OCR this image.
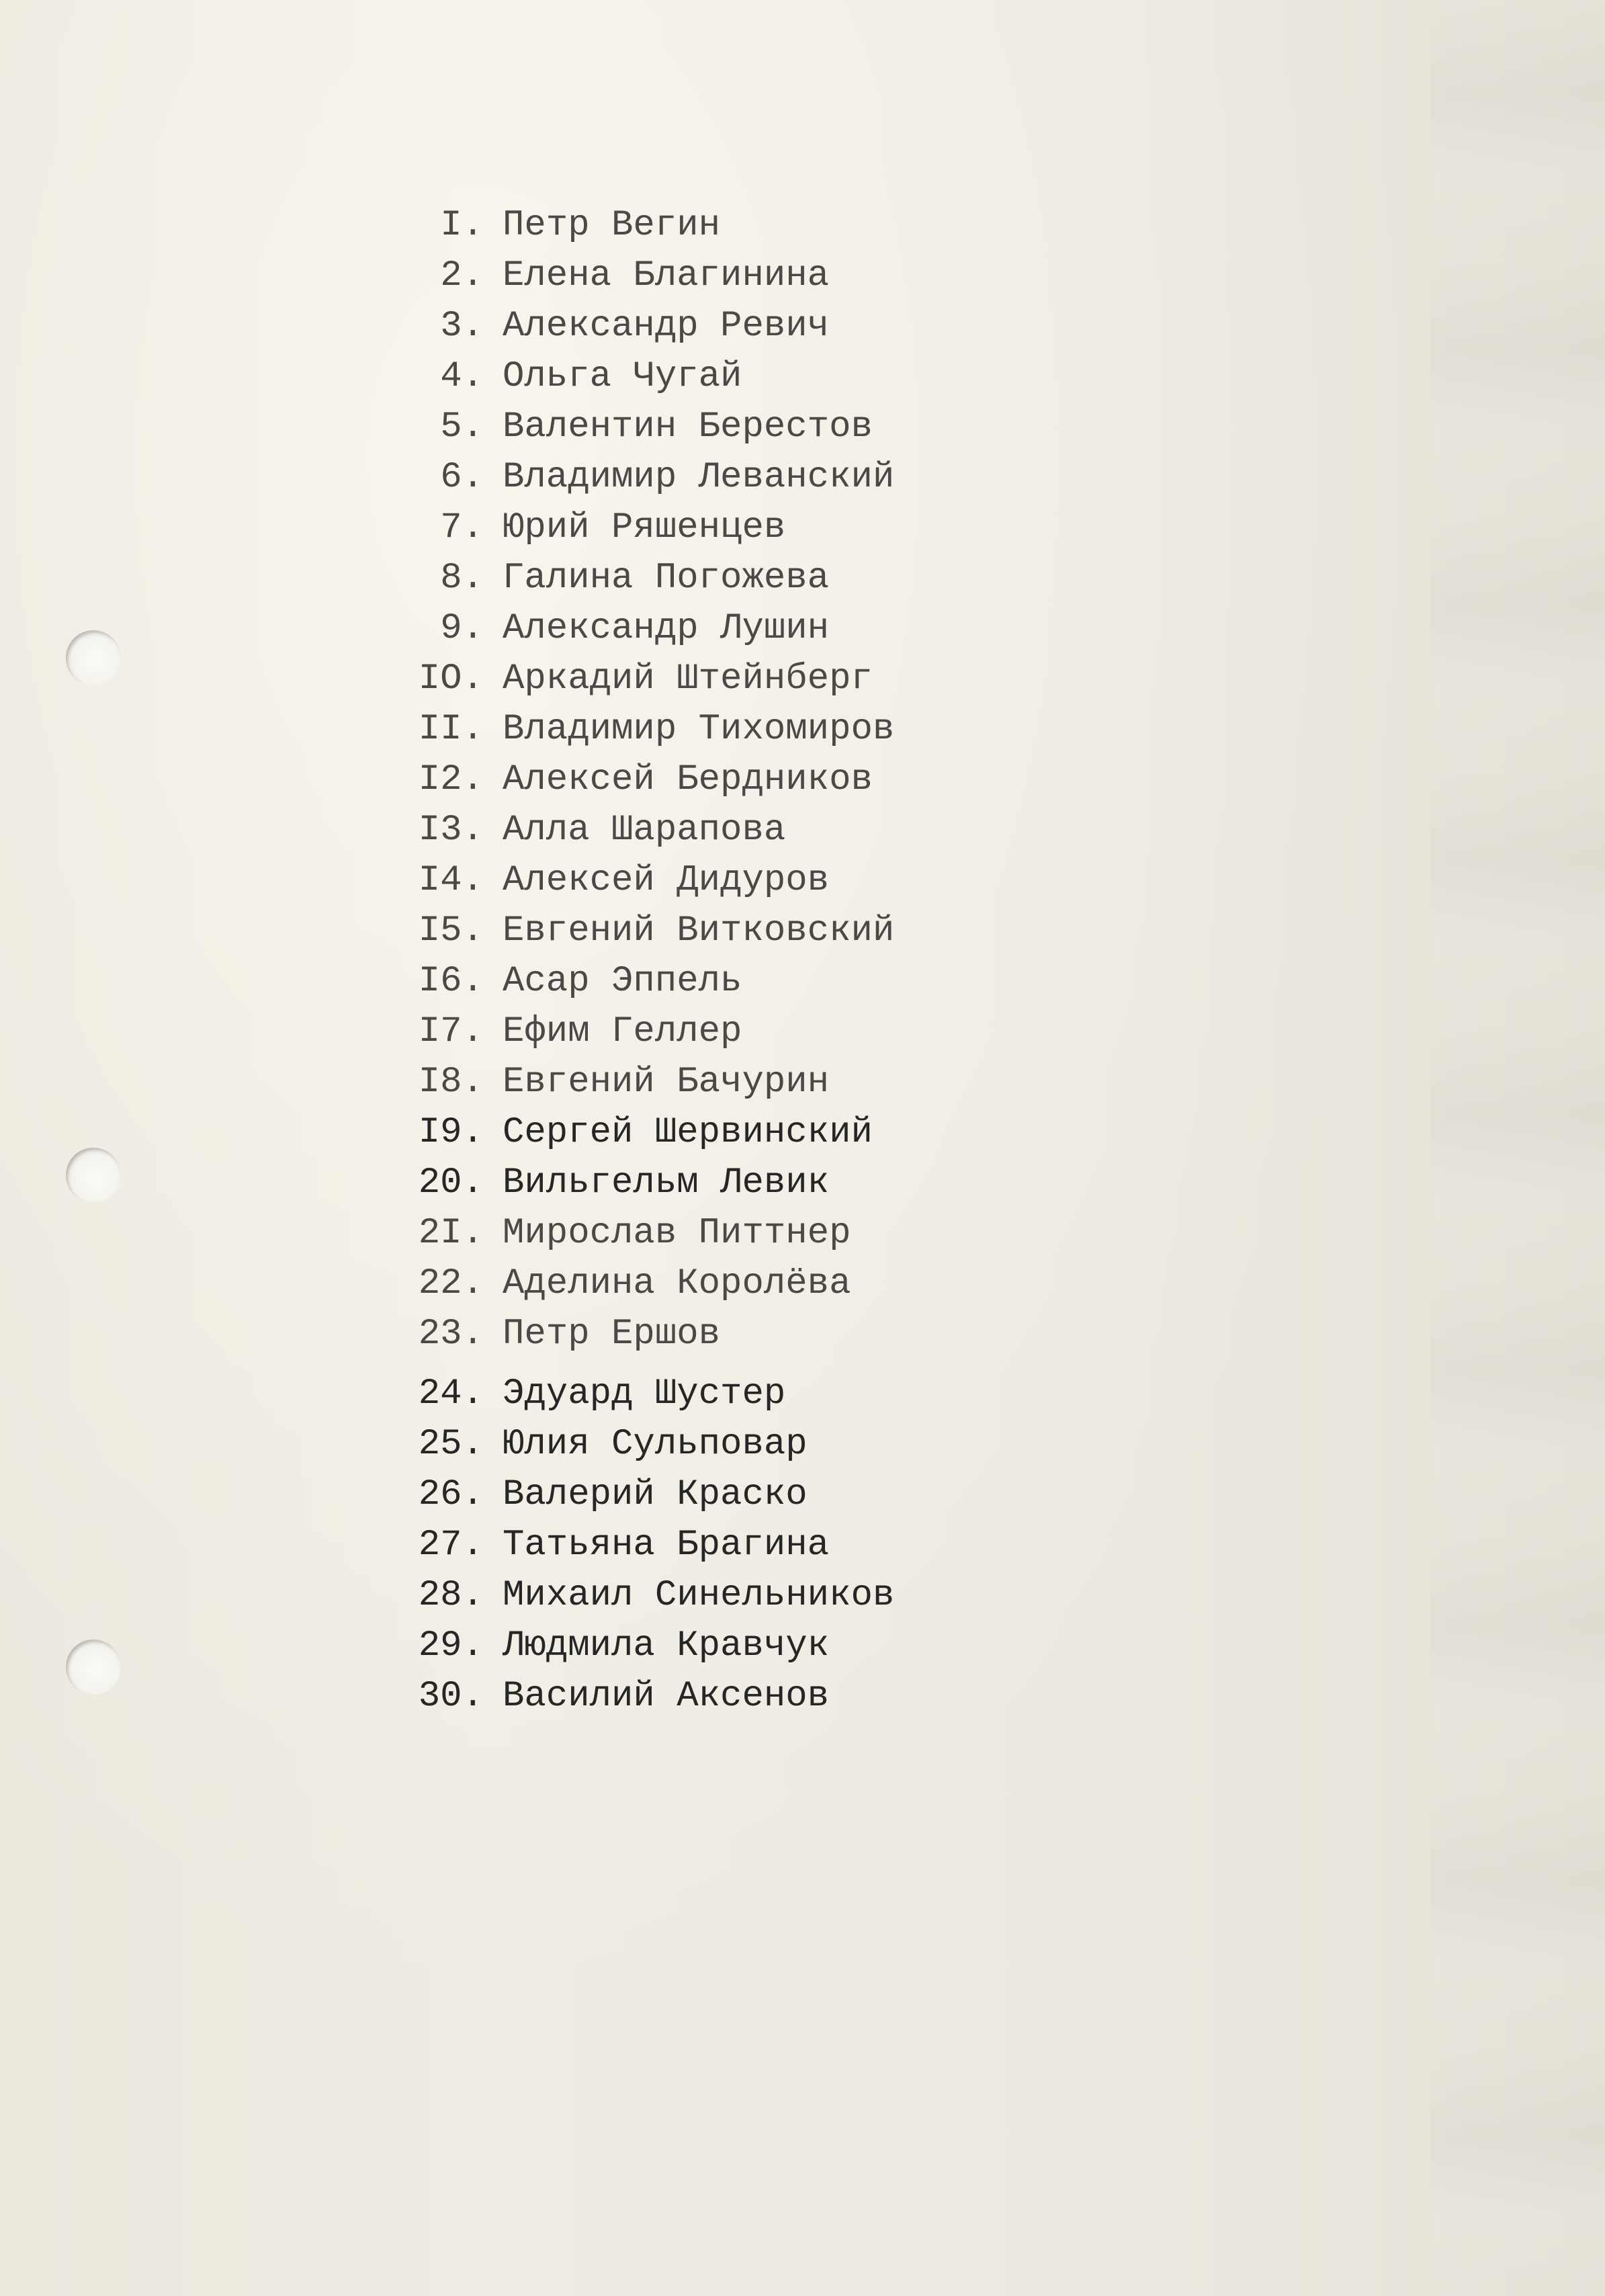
I. Петр Вегин
2. Елена Благинина
3. Александр Ревич
4. Ольга Чугай
5. Валентин Берестов
6. Владимир Леванский
7. Юрий Ряшенцев
8. Галина Погожева
9. Александр Лушин
IO. Аркадий Штейнберг
II. Владимир Тихомиров
I2. Алексей Бердников
I3. Алла Шарапова
I4. Алексей Дидуров
I5. Евгений Витковский
I6. Асар Эппель
I7. Ефим Геллер
I8. Евгений Бачурин
I9. Сергей Шервинский
20. Вильгельм Левик
2I. Мирослав Питтнер
22. Аделина Королёва
23. Петр Ершов
24. Эдуард Шустер
25. Юлия Сульповар
26. Валерий Краско
27. Татьяна Брагина
28. Михаил Синельников
29. Людмила Кравчук
30. Василий Аксенов
